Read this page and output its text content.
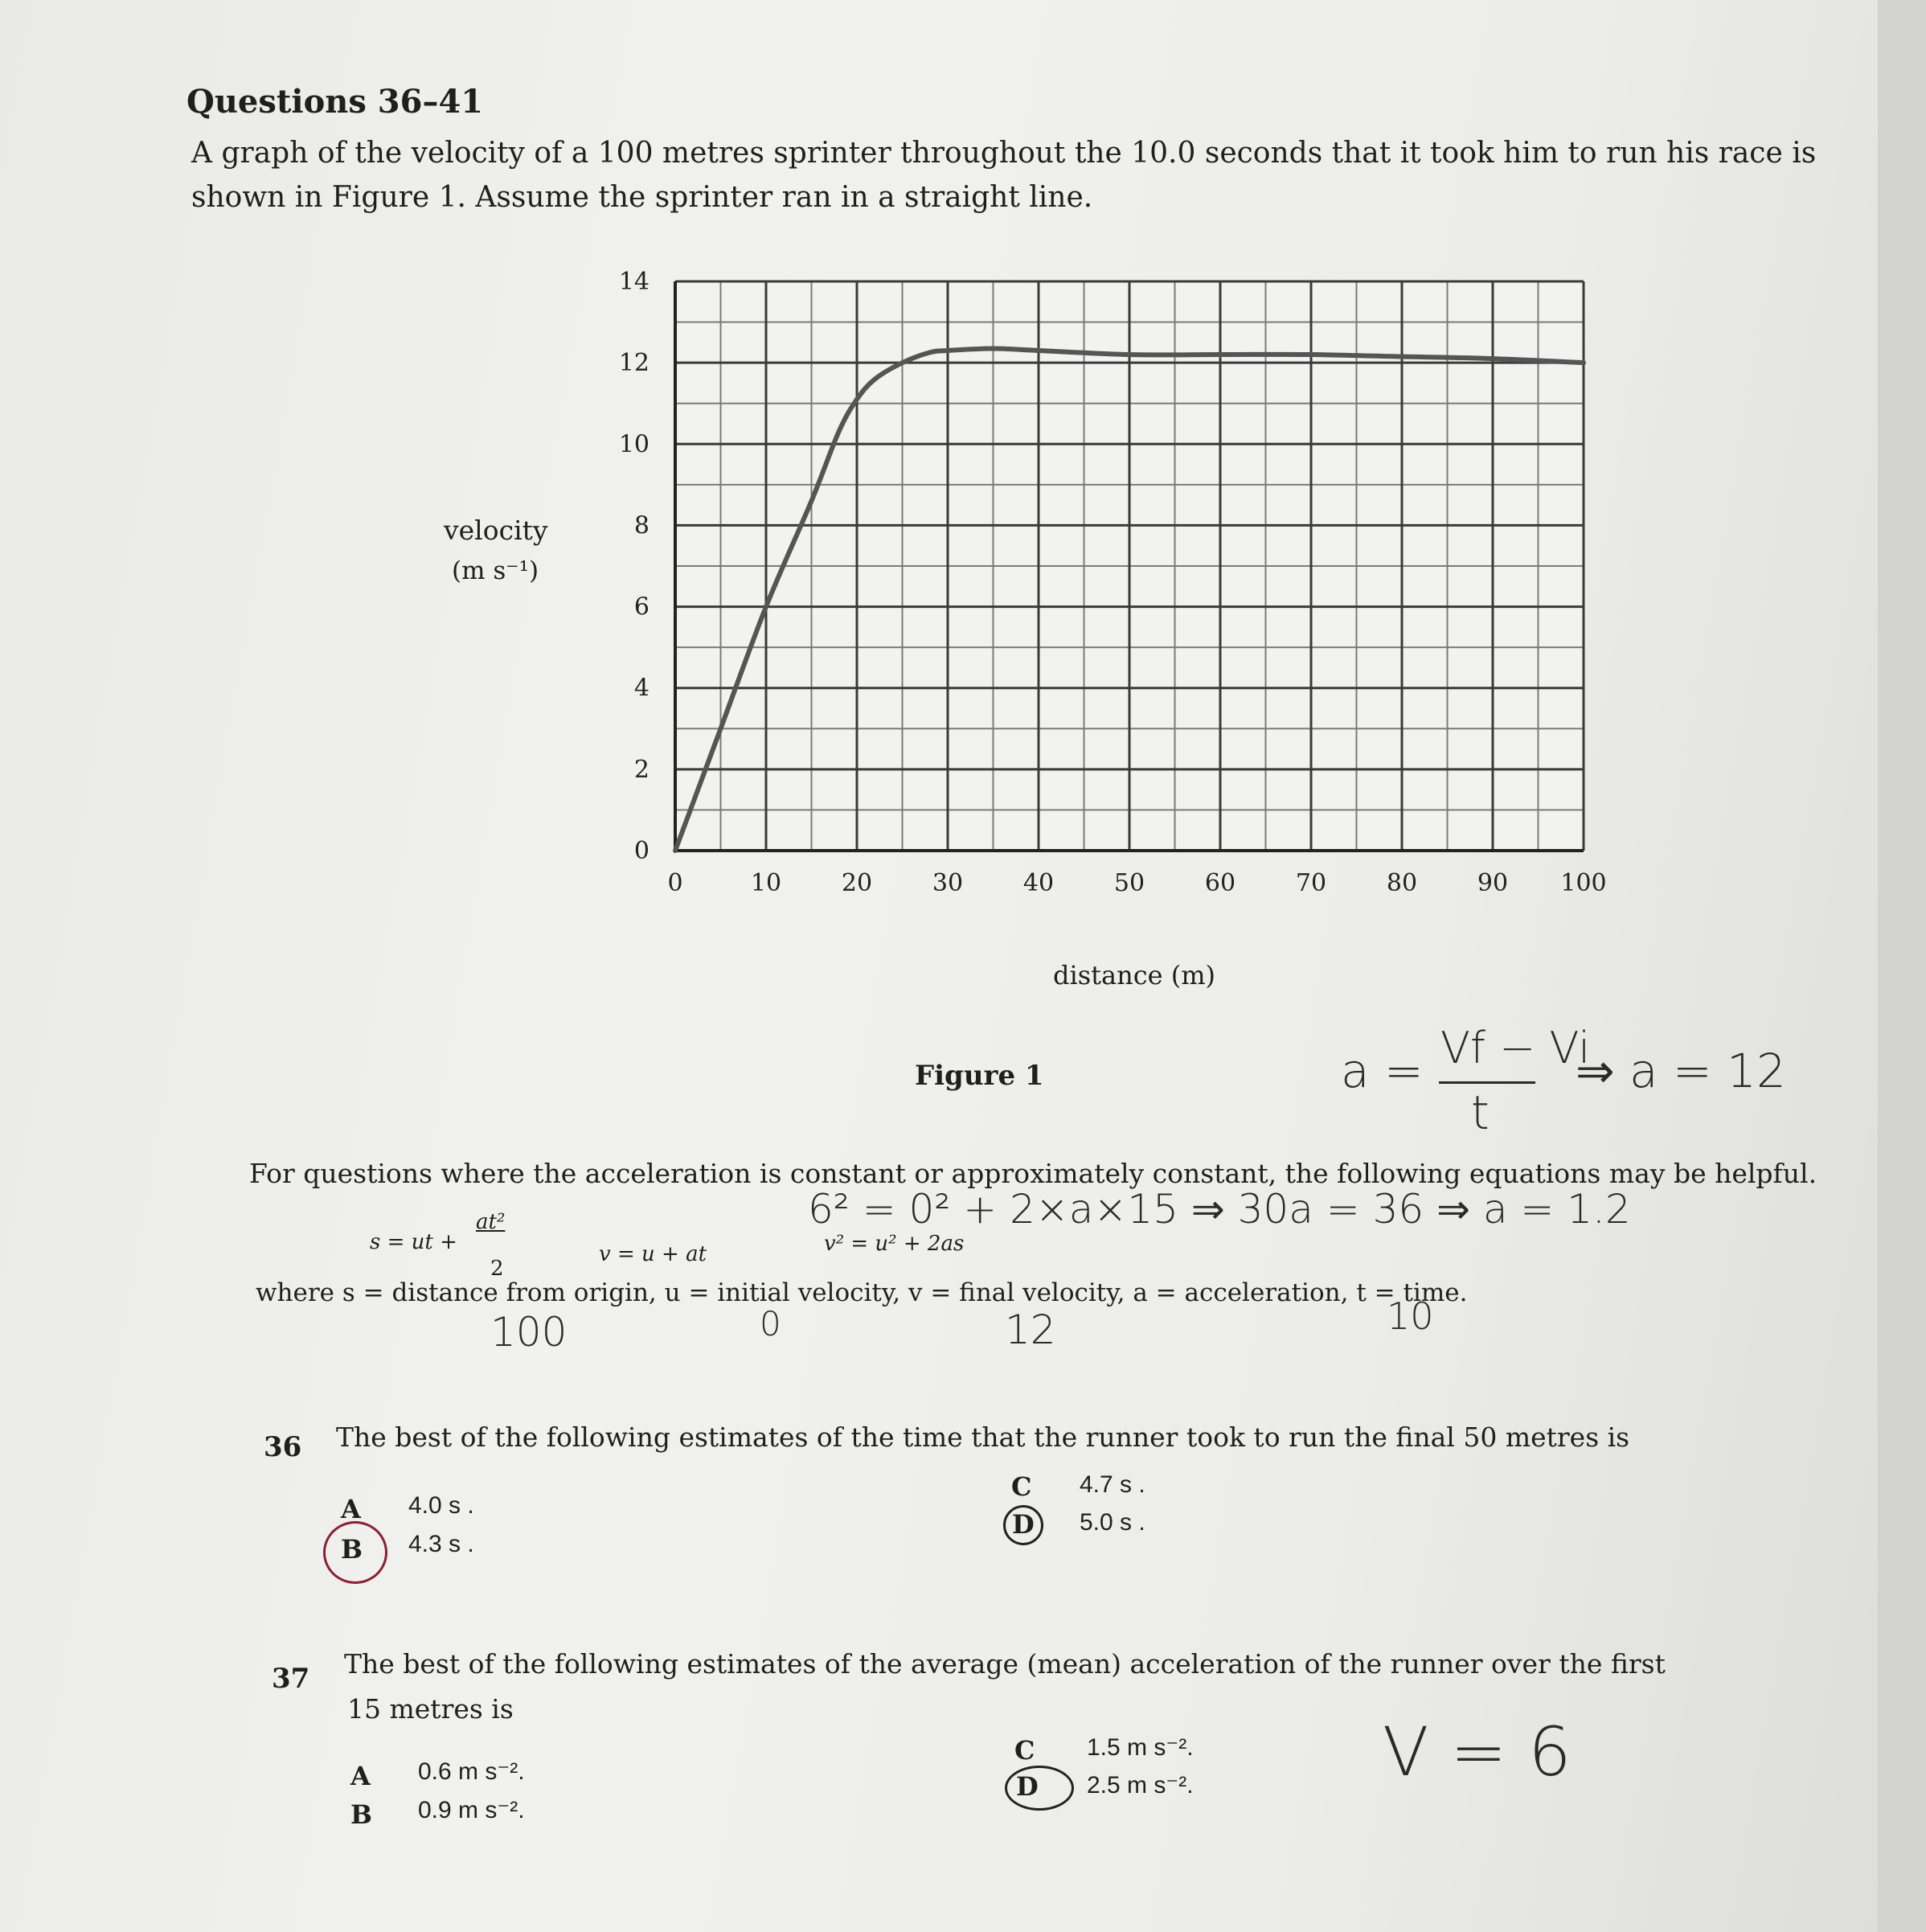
Questions 36–41
A graph of the velocity of a 100 metres sprinter throughout the 10.0 seconds that it took him to run his race is
shown in Figure 1. Assume the sprinter ran in a straight line.
velocity
(m s⁻¹)
0	10 20 30 40 50 60 70 80 90 100
0
2
4
6
8
10
12
14
distance (m)
Figure 1	a = Vf − Vi
t
⇒ a = 12
For questions where the acceleration is constant or approximately constant, the following equations may be helpful.
6² = 0² + 2×a×15 ⇒ 30a = 36 ⇒ a = 1.2
s = ut +
at²
2
v = u + at	v² = u² + 2as
where s = distance from origin, u = initial velocity, v = final velocity, a = acceleration, t = time.
100	0	12	10
36 The best of the following estimates of the time that the runner took to run the final 50 metres is
A 4.0 s .
B 4.3 s .
C 4.7 s .
D 5.0 s .
37 The best of the following estimates of the average (mean) acceleration of the runner over the first
15 metres is
A 0.6 m s⁻².
B 0.9 m s⁻².
C 1.5 m s⁻².
D 2.5 m s⁻².	V = 6
